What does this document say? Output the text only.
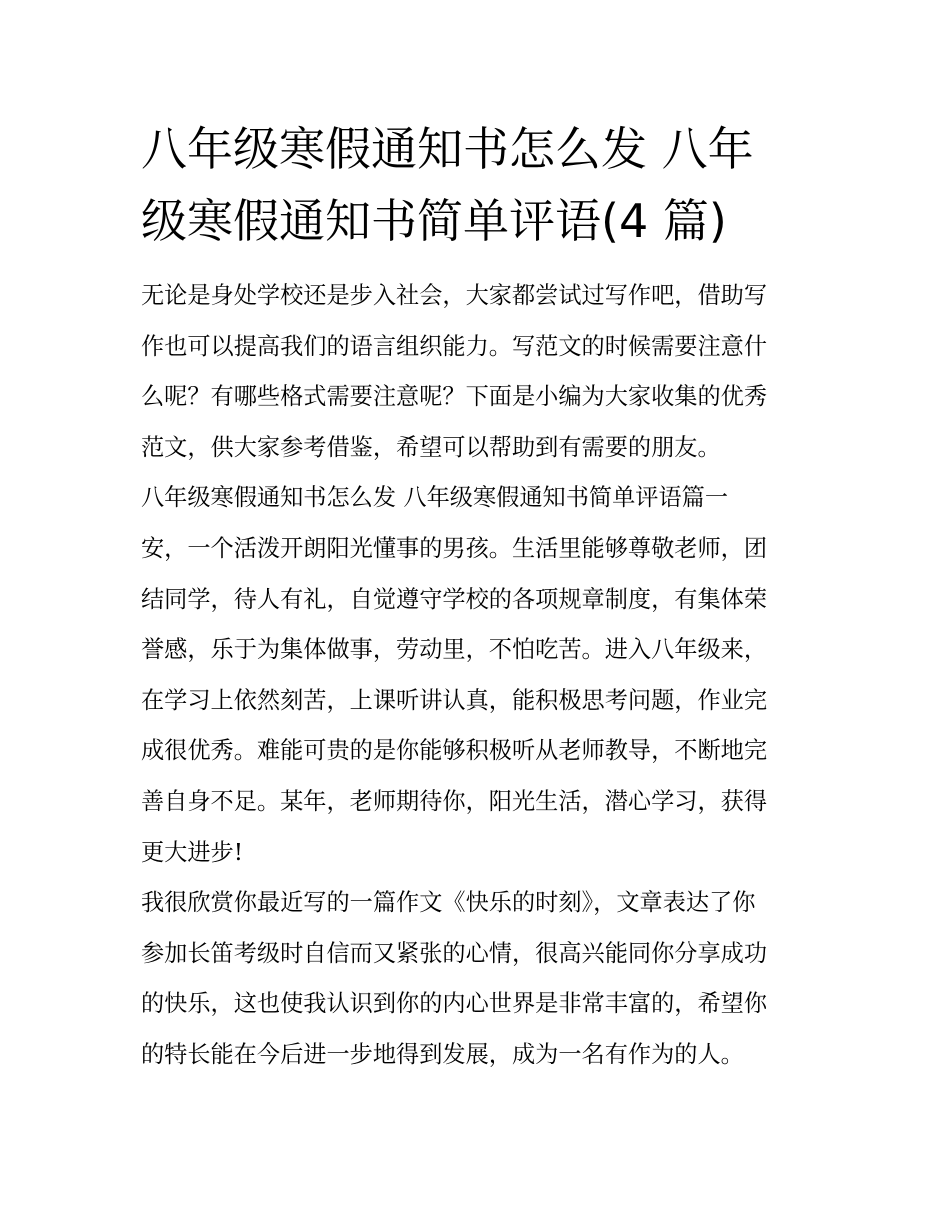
八年级寒假通知书怎么发 八年
级寒假通知书简单评语(4 篇)
无论是身处学校还是步入社会，大家都尝试过写作吧，借助写
作也可以提高我们的语言组织能力。写范文的时候需要注意什
么呢？有哪些格式需要注意呢？下面是小编为大家收集的优秀
范文，供大家参考借鉴，希望可以帮助到有需要的朋友。
八年级寒假通知书怎么发 八年级寒假通知书简单评语篇一
安，一个活泼开朗阳光懂事的男孩。生活里能够尊敬老师，团
结同学，待人有礼，自觉遵守学校的各项规章制度，有集体荣
誉感，乐于为集体做事，劳动里，不怕吃苦。进入八年级来，
在学习上依然刻苦，上课听讲认真，能积极思考问题，作业完
成很优秀。难能可贵的是你能够积极听从老师教导，不断地完
善自身不足。某年，老师期待你，阳光生活，潜心学习，获得
更大进步!
我很欣赏你最近写的一篇作文《快乐的时刻》，文章表达了你
参加长笛考级时自信而又紧张的心情，很高兴能同你分享成功
的快乐，这也使我认识到你的内心世界是非常丰富的，希望你
的特长能在今后进一步地得到发展，成为一名有作为的人。
